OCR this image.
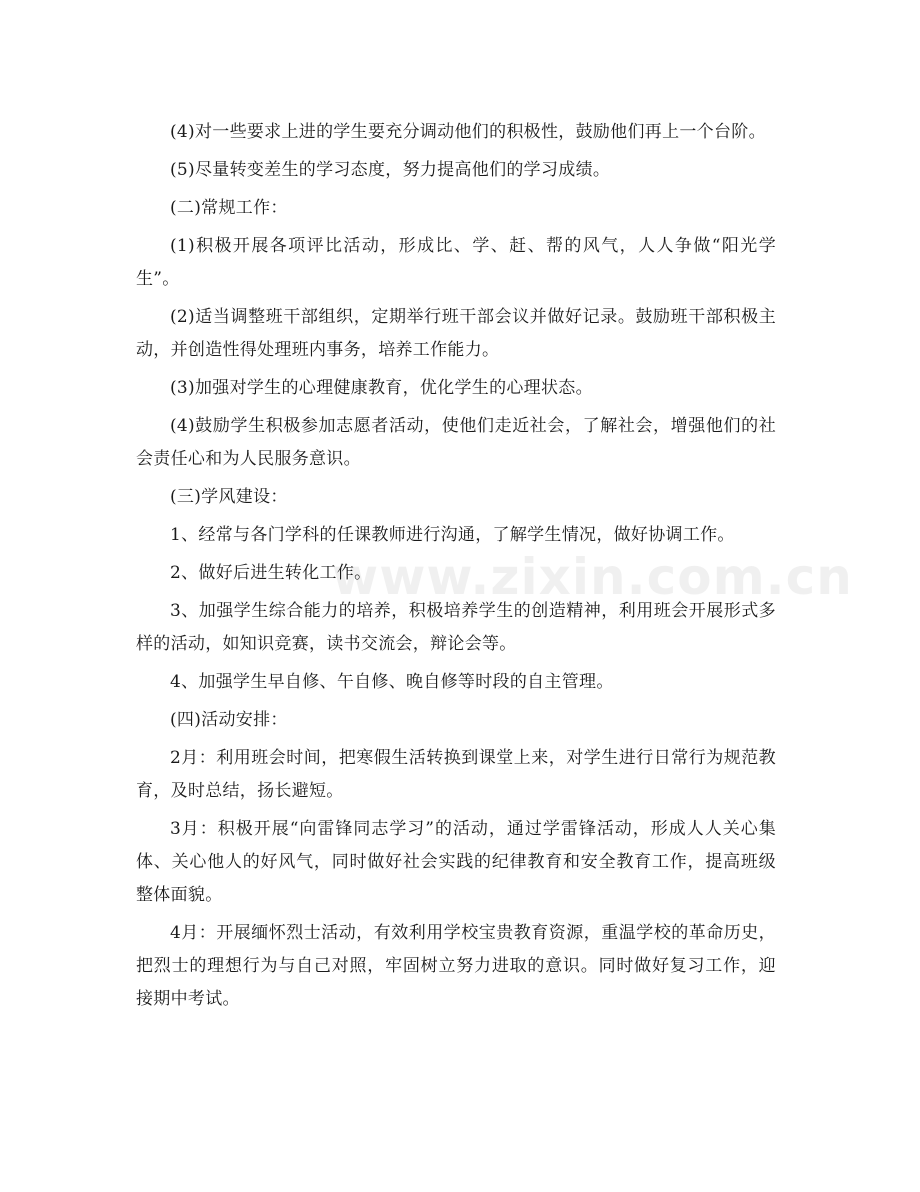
(4)对一些要求上进的学生要充分调动他们的积极性，鼓励他们再上一个台阶。

(5)尽量转变差生的学习态度，努力提高他们的学习成绩。

(二)常规工作：

(1)积极开展各项评比活动，形成比、学、赶、帮的风气，人人争做“阳光学生”。

(2)适当调整班干部组织，定期举行班干部会议并做好记录。鼓励班干部积极主动，并创造性得处理班内事务，培养工作能力。

(3)加强对学生的心理健康教育，优化学生的心理状态。

(4)鼓励学生积极参加志愿者活动，使他们走近社会，了解社会，增强他们的社会责任心和为人民服务意识。

(三)学风建设：

1、经常与各门学科的任课教师进行沟通，了解学生情况，做好协调工作。

2、做好后进生转化工作。

3、加强学生综合能力的培养，积极培养学生的创造精神，利用班会开展形式多样的活动，如知识竞赛，读书交流会，辩论会等。

4、加强学生早自修、午自修、晚自修等时段的自主管理。

(四)活动安排：

2月：利用班会时间，把寒假生活转换到课堂上来，对学生进行日常行为规范教育，及时总结，扬长避短。

3月：积极开展“向雷锋同志学习”的活动，通过学雷锋活动，形成人人关心集体、关心他人的好风气，同时做好社会实践的纪律教育和安全教育工作，提高班级整体面貌。

4月：开展缅怀烈士活动，有效利用学校宝贵教育资源，重温学校的革命历史，把烈士的理想行为与自己对照，牢固树立努力进取的意识。同时做好复习工作，迎接期中考试。

www.zixin.com.cn
